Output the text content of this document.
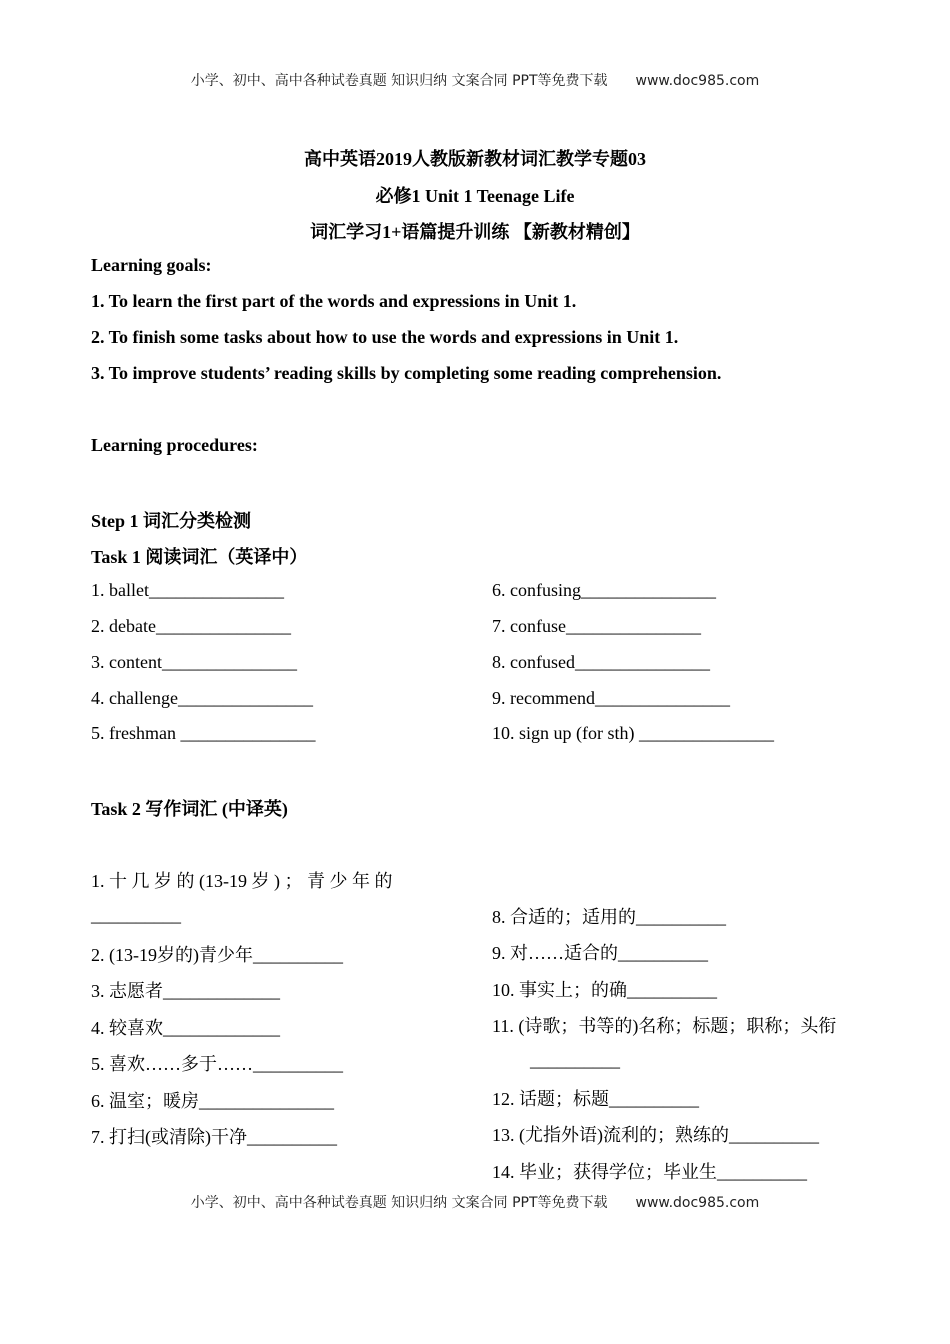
小学、初中、高中各种试卷真题 知识归纳 文案合同 PPT等免费下载 www.doc985.com
高中英语2019人教版新教材词汇教学专题03
必修1 Unit 1 Teenage Life
词汇学习1+语篇提升训练 【新教材精创】
Learning goals:
1. To learn the first part of the words and expressions in Unit 1.
2. To finish some tasks about how to use the words and expressions in Unit 1.
3. To improve students’ reading skills by completing some reading comprehension.
Learning procedures:
Step 1 词汇分类检测
Task 1 阅读词汇（英译中）
1. ballet_______________
2. debate_______________
3. content_______________
4. challenge_______________
5. freshman _______________
6. confusing_______________
7. confuse_______________
8. confused_______________
9. recommend_______________
10. sign up (for sth) _______________
Task 2 写作词汇 (中译英)
1. 十 几 岁 的 (13-19 岁 ) ； 青 少 年 的
__________
2. (13-19岁的)青少年__________
3. 志愿者_____________
4. 较喜欢_____________
5. 喜欢……多于……__________
6. 温室；暖房_______________
7. 打扫(或清除)干净__________
8. 合适的；适用的__________
9. 对……适合的__________
10. 事实上；的确__________
11. (诗歌；书等的)名称；标题；职称；头衔
__________
12. 话题；标题__________
13. (尤指外语)流利的；熟练的__________
14. 毕业；获得学位；毕业生__________
小学、初中、高中各种试卷真题 知识归纳 文案合同 PPT等免费下载 www.doc985.com
